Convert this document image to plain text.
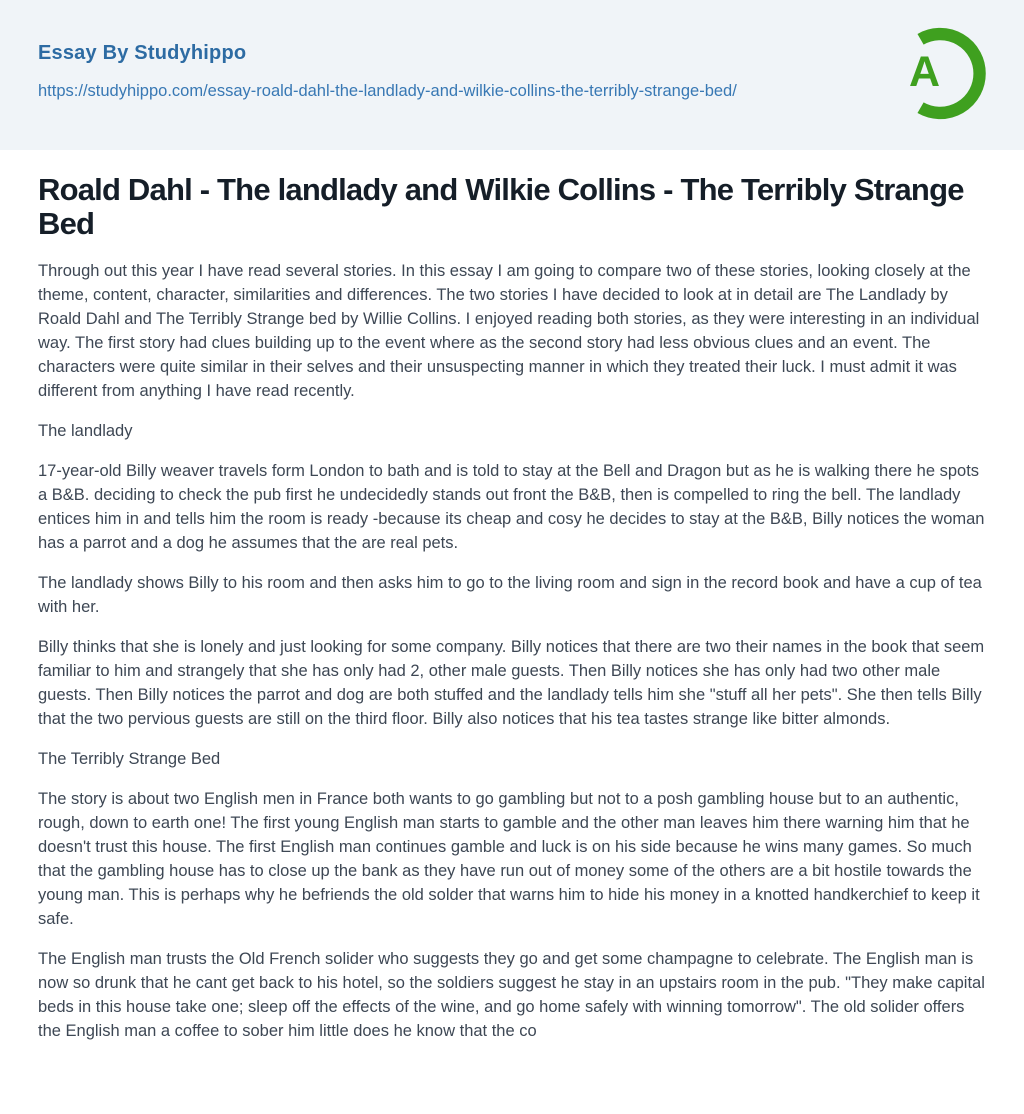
Essay By Studyhippo
https://studyhippo.com/essay-roald-dahl-the-landlady-and-wilkie-collins-the-terribly-strange-bed/	A
Roald Dahl - The landlady and Wilkie Collins - The Terribly Strange Bed

Through out this year I have read several stories. In this essay I am going to compare two of these stories, looking closely at the theme, content, character, similarities and differences. The two stories I have decided to look at in detail are The Landlady by Roald Dahl and The Terribly Strange bed by Willie Collins. I enjoyed reading both stories, as they were interesting in an individual way. The first story had clues building up to the event where as the second story had less obvious clues and an event. The characters were quite similar in their selves and their unsuspecting manner in which they treated their luck. I must admit it was different from anything I have read recently.

The landlady

17-year-old Billy weaver travels form London to bath and is told to stay at the Bell and Dragon but as he is walking there he spots a B&B. deciding to check the pub first he undecidedly stands out front the B&B, then is compelled to ring the bell. The landlady entices him in and tells him the room is ready -because its cheap and cosy he decides to stay at the B&B, Billy notices the woman has a parrot and a dog he assumes that the are real pets.

The landlady shows Billy to his room and then asks him to go to the living room and sign in the record book and have a cup of tea with her.

Billy thinks that she is lonely and just looking for some company. Billy notices that there are two their names in the book that seem familiar to him and strangely that she has only had 2, other male guests. Then Billy notices she has only had two other male guests. Then Billy notices the parrot and dog are both stuffed and the landlady tells him she "stuff all her pets". She then tells Billy that the two pervious guests are still on the third floor. Billy also notices that his tea tastes strange like bitter almonds.

The Terribly Strange Bed

The story is about two English men in France both wants to go gambling but not to a posh gambling house but to an authentic, rough, down to earth one! The first young English man starts to gamble and the other man leaves him there warning him that he doesn't trust this house. The first English man continues gamble and luck is on his side because he wins many games. So much that the gambling house has to close up the bank as they have run out of money some of the others are a bit hostile towards the young man. This is perhaps why he befriends the old solder that warns him to hide his money in a knotted handkerchief to keep it safe.

The English man trusts the Old French solider who suggests they go and get some champagne to celebrate. The English man is now so drunk that he cant get back to his hotel, so the soldiers suggest he stay in an upstairs room in the pub. "They make capital beds in this house take one; sleep off the effects of the wine, and go home safely with winning tomorrow". The old solider offers the English man a coffee to sober him little does he know that the co
